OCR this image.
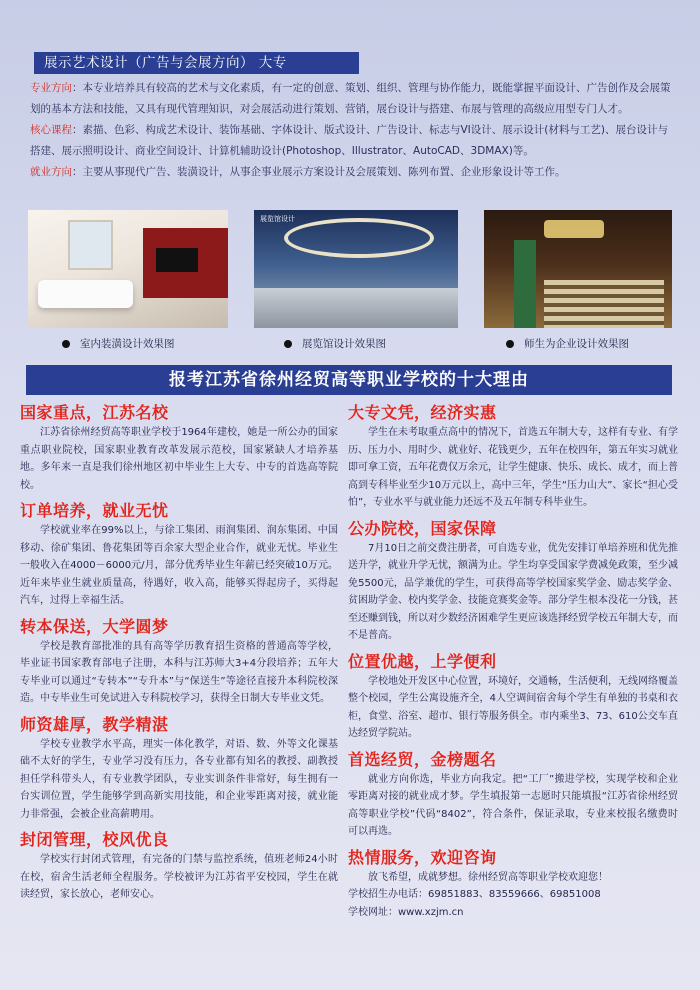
展示艺术设计（广告与会展方向） 大专
专业方向：本专业培养具有较高的艺术与文化素质，有一定的创意、策划、组织、管理与协作能力，既能掌握平面设计、广告创作及会展策划的基本方法和技能，又具有现代管理知识，对会展活动进行策划、营销，展台设计与搭建、布展与管理的高级应用型专门人才。
核心课程：素描、色彩、构成艺术设计、装饰基础、字体设计、版式设计、广告设计、标志与VI设计、展示设计(材料与工艺)、展台设计与搭建、展示照明设计、商业空间设计、计算机辅助设计(Photoshop、Illustrator、AutoCAD、3DMAX)等。
就业方向：主要从事现代广告、装潢设计，从事企事业展示方案设计及会展策划、陈列布置、企业形象设计等工作。
展览馆设计
室内装潢设计效果图	展览馆设计效果图	师生为企业设计效果图
报考江苏省徐州经贸高等职业学校的十大理由
国家重点，江苏名校

江苏省徐州经贸高等职业学校于1964年建校，她是一所公办的国家重点职业院校，国家职业教育改革发展示范校，国家紧缺人才培养基地。多年来一直是我们徐州地区初中毕业生上大专、中专的首选高等院校。

订单培养，就业无忧

学校就业率在99%以上，与徐工集团、雨润集团、润东集团、中国移动、徐矿集团、鲁花集团等百余家大型企业合作，就业无忧。毕业生一般收入在4000－6000元/月，部分优秀毕业生年薪已经突破10万元。近年来毕业生就业质量高，待遇好，收入高，能够买得起房子，买得起汽车，过得上幸福生活。

转本保送，大学圆梦

学校是教育部批准的具有高等学历教育招生资格的普通高等学校，毕业证书国家教育部电子注册，本科与江苏师大3+4分段培养；五年大专毕业可以通过“专转本”“专升本”与“保送生”等途径直接升本科院校深造。中专毕业生可免试进入专科院校学习，获得全日制大专毕业文凭。

师资雄厚，教学精湛

学校专业教学水平高，理实一体化教学，对语、数、外等文化课基础不太好的学生，专业学习没有压力，各专业都有知名的教授、副教授担任学科带头人，有专业教学团队，专业实训条件非常好，每生拥有一台实训位置，学生能够学到高新实用技能，和企业零距离对接，就业能力非常强，会被企业高薪聘用。

封闭管理，校风优良

学校实行封闭式管理，有完备的门禁与监控系统，值班老师24小时在校，宿舍生活老师全程服务。学校被评为江苏省平安校园，学生在就读经贸，家长放心，老师安心。

大专文凭，经济实惠

学生在未考取重点高中的情况下，首选五年制大专，这样有专业、有学历、压力小、用时少、就业好、花钱更少，五年在校四年，第五年实习就业即可拿工资，五年花费仅万余元，让学生健康、快乐、成长、成才，而上普高到专科毕业至少10万元以上，高中三年，学生“压力山大”、家长“担心受怕”，专业水平与就业能力还远不及五年制专科毕业生。

公办院校，国家保障

7月10日之前交费注册者，可自选专业，优先安排订单培养班和优先推送升学，就业升学无忧，额满为止。学生均享受国家学费减免政策，至少减免5500元，品学兼优的学生，可获得高等学校国家奖学金、励志奖学金、贫困助学金、校内奖学金、技能竞赛奖金等。部分学生根本没花一分钱，甚至还赚到钱，所以对少数经济困难学生更应该选择经贸学校五年制大专，而不是普高。

位置优越，上学便利

学校地处开发区中心位置，环境好，交通畅，生活便利，无线网络覆盖整个校园，学生公寓设施齐全，4人空调间宿舍每个学生有单独的书桌和衣柜，食堂、浴室、超市、银行等服务俱全。市内乘坐3、73、610公交车直达经贸学院站。

首选经贸，金榜题名

就业方向你选，毕业方向我定。把“工厂”搬进学校，实现学校和企业零距离对接的就业成才梦。学生填报第一志愿时只能填报“江苏省徐州经贸高等职业学校”代码“8402”，符合条件，保证录取，专业来校报名缴费时可以再选。

热情服务，欢迎咨询

放飞希望，成就梦想。徐州经贸高等职业学校欢迎您！

学校招生办电话：69851883、83559666、69851008

学校网址：www.xzjm.cn
